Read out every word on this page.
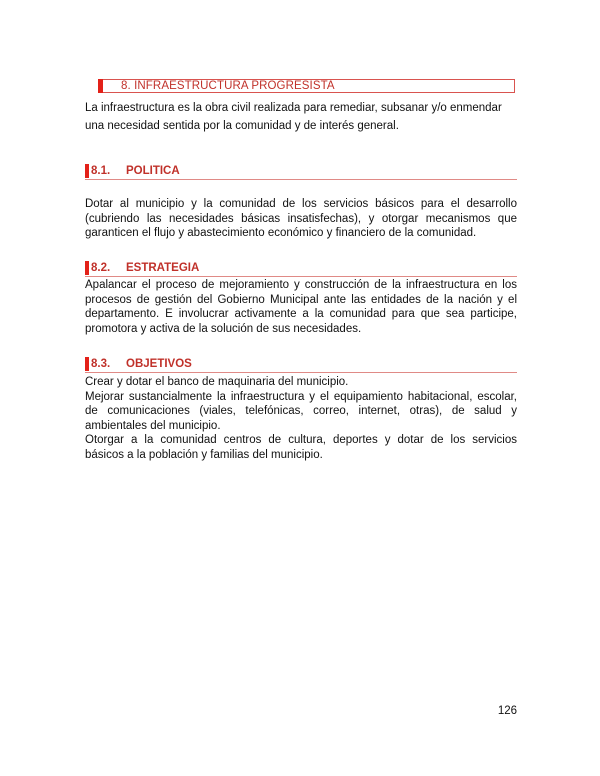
8. INFRAESTRUCTURA PROGRESISTA
La infraestructura es la obra civil realizada para remediar, subsanar y/o enmendar
una necesidad sentida por la comunidad y de interés general.
8.1. POLITICA
Dotar al municipio y la comunidad de los servicios básicos para el desarrollo
(cubriendo las necesidades básicas insatisfechas), y otorgar mecanismos que
garanticen el flujo y abastecimiento económico y financiero de la comunidad.
8.2. ESTRATEGIA
Apalancar el proceso de mejoramiento y construcción de la infraestructura en los
procesos de gestión del Gobierno Municipal ante las entidades de la nación y el
departamento. E involucrar activamente a la comunidad para que sea participe,
promotora y activa de la solución de sus necesidades.
8.3. OBJETIVOS
Crear y dotar el banco de maquinaria del municipio.
Mejorar sustancialmente la infraestructura y el equipamiento habitacional, escolar,
de comunicaciones (viales, telefónicas, correo, internet, otras), de salud y
ambientales del municipio.
Otorgar a la comunidad centros de cultura, deportes y dotar de los servicios
básicos a la población y familias del municipio.
126
